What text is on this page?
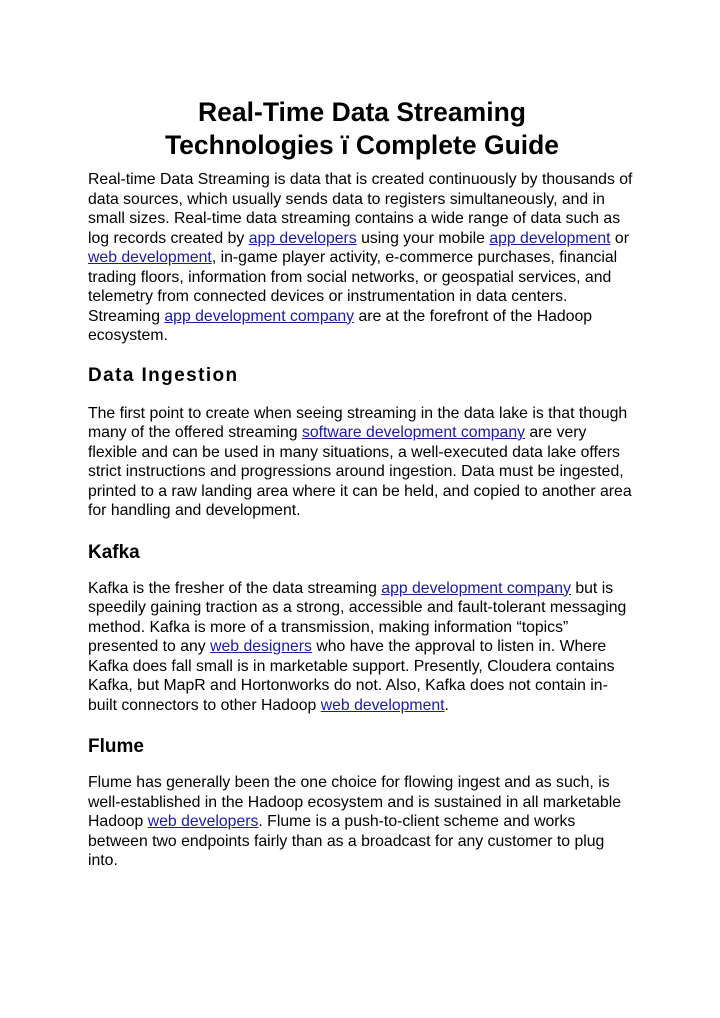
Real-Time Data Streaming
Technologies ï Complete Guide

Real-time Data Streaming is data that is created continuously by thousands of data sources, which usually sends data to registers simultaneously, and in small sizes. Real-time data streaming contains a wide range of data such as log records created by app developers using your mobile app development or web development, in-game player activity, e-commerce purchases, financial trading floors, information from social networks, or geospatial services, and telemetry from connected devices or instrumentation in data centers. Streaming app development company are at the forefront of the Hadoop ecosystem.

Data Ingestion

The first point to create when seeing streaming in the data lake is that though many of the offered streaming software development company are very flexible and can be used in many situations, a well-executed data lake offers strict instructions and progressions around ingestion. Data must be ingested, printed to a raw landing area where it can be held, and copied to another area for handling and development.

Kafka

Kafka is the fresher of the data streaming app development company but is speedily gaining traction as a strong, accessible and fault-tolerant messaging method. Kafka is more of a transmission, making information “topics” presented to any web designers who have the approval to listen in. Where Kafka does fall small is in marketable support. Presently, Cloudera contains Kafka, but MapR and Hortonworks do not. Also, Kafka does not contain in-built connectors to other Hadoop web development.

Flume

Flume has generally been the one choice for flowing ingest and as such, is well-established in the Hadoop ecosystem and is sustained in all marketable Hadoop web developers. Flume is a push-to-client scheme and works between two endpoints fairly than as a broadcast for any customer to plug into.
